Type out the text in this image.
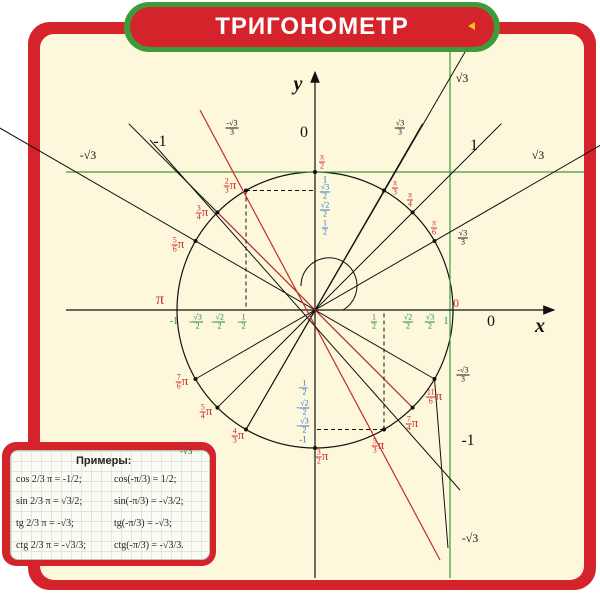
ТРИГОНОМЕТР
$\frac{\pi}{2}$
$\frac{\pi}{3}$
$\frac{\pi}{4}$
$\frac{\pi}{6}$
$\frac{2}{3}$ π
$\frac{3}{4}$ π
$\frac{5}{6}$ π
$\frac{7}{6}$ π
$\frac{5}{4}$ π
$\frac{4}{3}$ π
$\frac{3}{2}$ π
$\frac{5}{3}$ π
$\frac{7}{4}$ π
$\frac{11}{6}$ π
π	0
y
x
0
0
√3
1
$\frac{√3}{3}$
$\frac{-√3}{3}$
-1
-√3
-√3
-1
$\frac{-√3}{3}$	$\frac{√3}{3}$
√3
$-1 - \frac{√3}{2} - \frac{√2}{2} - \frac{1}{2}$	$\frac{1}{2}$	$\frac{√2}{2} \frac{√3}{2} 1$
1
$\frac{√3}{2}$
$\frac{√2}{2}$
$\frac{1}{2}$
- $\frac{1}{2}$
- $\frac{√2}{2}$
- $\frac{√3}{2}$
-1
Примеры:
-√3
cos 2/3 π = -1/2;	cos(-π/3) = 1/2;
sin 2/3 π = √3/2;	sin(-π/3) = -√3/2;
tg 2/3 π = -√3;	tg(-π/3) = -√3;
ctg 2/3 π = -√3/3;	ctg(-π/3) = -√3/3.
